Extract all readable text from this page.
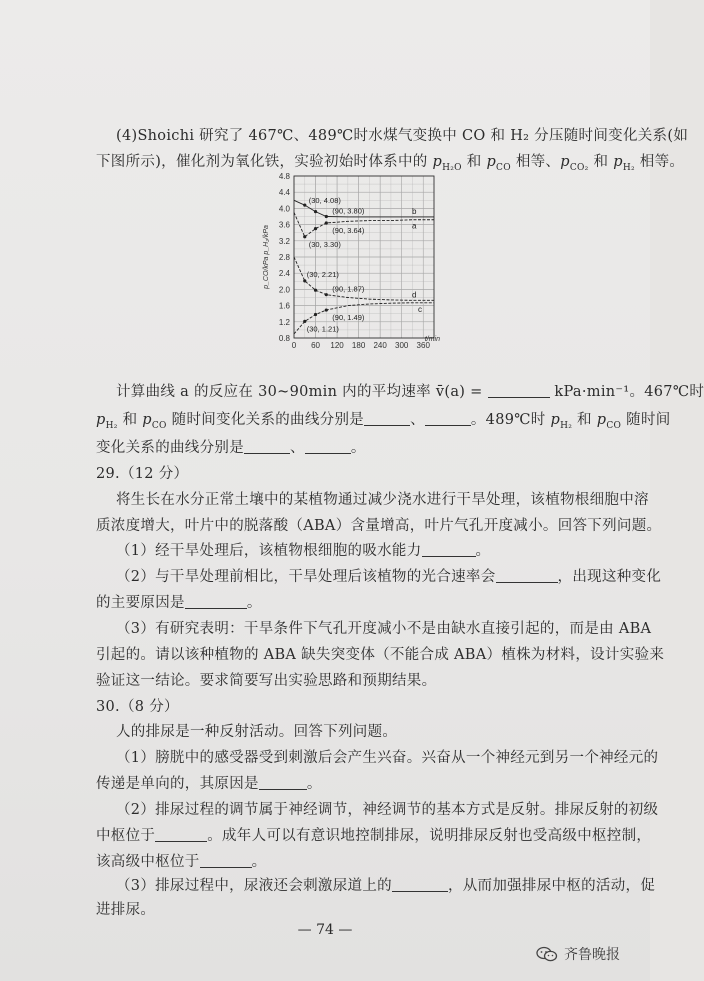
(4)Shoichi 研究了 467℃、489℃时水煤气变换中 CO 和 H₂ 分压随时间变化关系(如
下图所示)，催化剂为氧化铁，实验初始时体系中的 $p_{H_2O}$ 和 $p_{CO}$ 相等、$p_{CO_2}$ 和 $p_{H_2}$ 相等。
0.8
1.2
1.6
2.0
2.4
2.8
3.2
3.6
4.0
4.4
4.8
0 60 120 180 240 300 360
t/min
p_CO/kPa p_H₂/kPa	a
b
c
d
(30, 4.08)
(90, 3.80)
(90, 3.64)
(30, 3.30)
(30, 2.21)
(90, 1.87)
(90, 1.49)
(30, 1.21)
计算曲线 a 的反应在 30~90min 内的平均速率 v̄(a) =	kPa·min⁻¹。467℃时
$p_{H_2}$ 和 $p_{CO}$ 随时间变化关系的曲线分别是	、	。489℃时 $p_{H_2}$ 和 $p_{CO}$ 随时间
变化关系的曲线分别是	、	。
29.（12 分）
将生长在水分正常土壤中的某植物通过减少浇水进行干旱处理，该植物根细胞中溶
质浓度增大，叶片中的脱落酸（ABA）含量增高，叶片气孔开度减小。回答下列问题。
（1）经干旱处理后，该植物根细胞的吸水能力	。
（2）与干旱处理前相比，干旱处理后该植物的光合速率会	，出现这种变化
的主要原因是	。
（3）有研究表明：干旱条件下气孔开度减小不是由缺水直接引起的，而是由 ABA
引起的。请以该种植物的 ABA 缺失突变体（不能合成 ABA）植株为材料，设计实验来
验证这一结论。要求简要写出实验思路和预期结果。
30.（8 分）
人的排尿是一种反射活动。回答下列问题。
（1）膀胱中的感受器受到刺激后会产生兴奋。兴奋从一个神经元到另一个神经元的
传递是单向的，其原因是	。
（2）排尿过程的调节属于神经调节，神经调节的基本方式是反射。排尿反射的初级
中枢位于	。成年人可以有意识地控制排尿，说明排尿反射也受高级中枢控制，
该高级中枢位于	。
（3）排尿过程中，尿液还会刺激尿道上的	，从而加强排尿中枢的活动，促
进排尿。
— 74 —
齐鲁晚报
